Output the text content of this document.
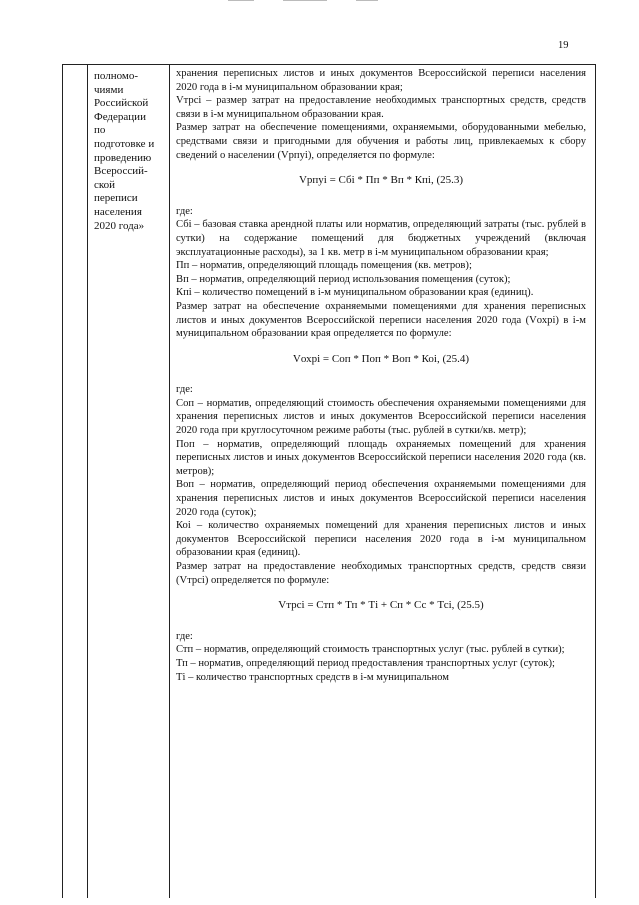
19
полномо-
чиями
Российской
Федерации
по
подготовке и
проведению
Всероссий-
ской
переписи
населения
2020 года»

хранения переписных листов и иных документов Всероссийской переписи населения 2020 года в i-м муниципальном образовании края;

Vтрсi – размер затрат на предоставление необходимых транспортных средств, средств связи в i-м муниципальном образовании края.

Размер затрат на обеспечение помещениями, охраняемыми, оборудованными мебелью, средствами связи и пригодными для обучения и работы лиц, привлекаемых к сбору сведений о населении (Vрпуi), определяется по формуле:

Vрпуi = Сбi * Пп * Вп * Кпi, (25.3)

где:

Сбi – базовая ставка арендной платы или норматив, определяющий затраты (тыс. рублей в сутки) на содержание помещений для бюджетных учреждений (включая эксплуатационные расходы), за 1 кв. метр в i-м муниципальном образовании края;

Пп – норматив, определяющий площадь помещения (кв. метров);

Вп – норматив, определяющий период использования помещения (суток);

Кпi – количество помещений в i-м муниципальном образовании края (единиц).

Размер затрат на обеспечение охраняемыми помещениями для хранения переписных листов и иных документов Всероссийской переписи населения 2020 года (Vохрi) в i-м муниципальном образовании края определяется по формуле:

Vохрi = Соп * Поп * Воп * Коi, (25.4)

где:

Соп – норматив, определяющий стоимость обеспечения охраняемыми помещениями для хранения переписных листов и иных документов Всероссийской переписи населения 2020 года при круглосуточном режиме работы (тыс. рублей в сутки/кв. метр);

Поп – норматив, определяющий площадь охраняемых помещений для хранения переписных листов и иных документов Всероссийской переписи населения 2020 года (кв. метров);

Воп – норматив, определяющий период обеспечения охраняемыми помещениями для хранения переписных листов и иных документов Всероссийской переписи населения 2020 года (суток);

Коi – количество охраняемых помещений для хранения переписных листов и иных документов Всероссийской переписи населения 2020 года в i-м муниципальном образовании края (единиц).

Размер затрат на предоставление необходимых транспортных средств, средств связи (Vтрсi) определяется по формуле:

Vтрсi = Стп * Тп * Тi + Сп * Сс * Тсi, (25.5)

где:

Стп – норматив, определяющий стоимость транспортных услуг (тыс. рублей в сутки);

Тп – норматив, определяющий период предоставления транспортных услуг (суток);

Тi – количество транспортных средств в i-м муниципальном
